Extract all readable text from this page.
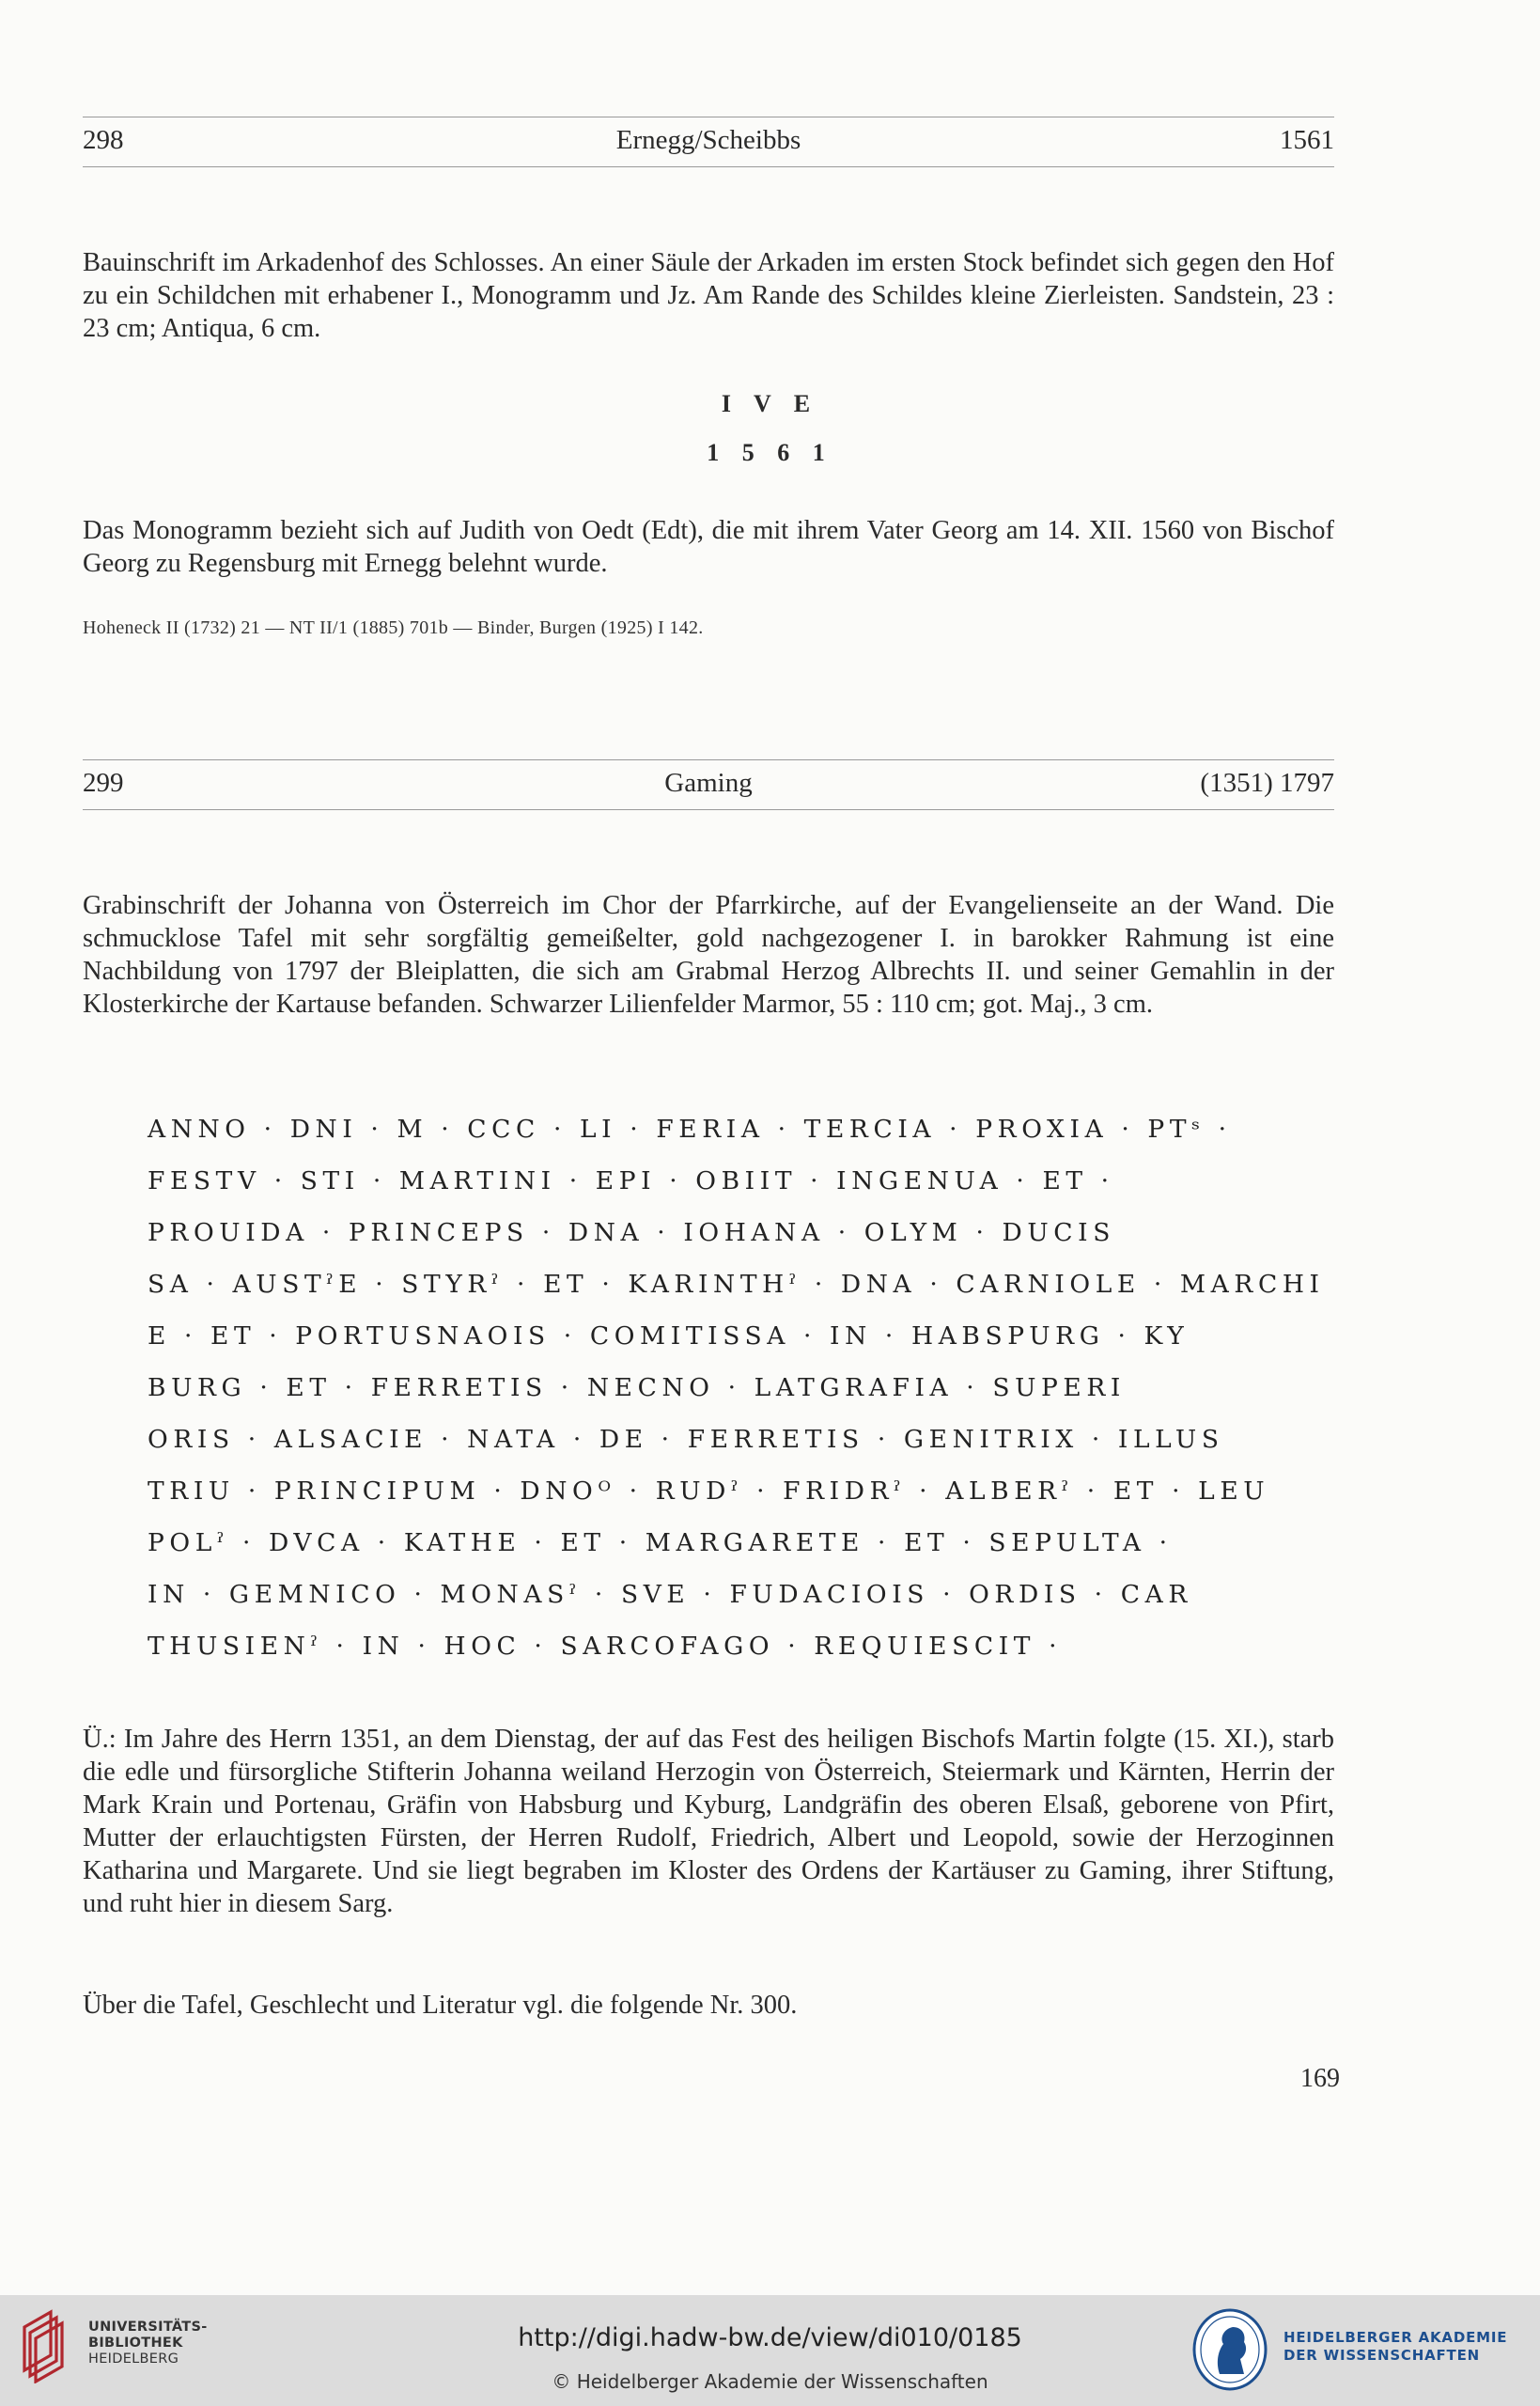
298	Ernegg/Scheibbs	1561

Bauinschrift im Arkadenhof des Schlosses. An einer Säule der Arkaden im ersten Stock befindet sich gegen den Hof zu ein Schildchen mit erhabener I., Monogramm und Jz. Am Rande des Schildes kleine Zierleisten. Sandstein, 23 : 23 cm; Antiqua, 6 cm.

I V E
1 5 6 1

Das Monogramm bezieht sich auf Judith von Oedt (Edt), die mit ihrem Vater Georg am 14. XII. 1560 von Bischof Georg zu Regensburg mit Ernegg belehnt wurde.

Hoheneck II (1732) 21 — NT II/1 (1885) 701b — Binder, Burgen (1925) I 142.
299	Gaming	(1351) 1797

Grabinschrift der Johanna von Österreich im Chor der Pfarrkirche, auf der Evangelienseite an der Wand. Die schmucklose Tafel mit sehr sorgfältig gemeißelter, gold nachgezogener I. in barokker Rahmung ist eine Nachbildung von 1797 der Bleiplatten, die sich am Grabmal Herzog Albrechts II. und seiner Gemahlin in der Klosterkirche der Kartause befanden. Schwarzer Lilienfelder Marmor, 55 : 110 cm; got. Maj., 3 cm.

ANNO · DNI · M · CCC · LI · FERIA · TERCIA · PROXIA · PTˢ ·
FESTV · STI · MARTINI · EPI · OBIIT · INGENUA · ET ·
PROUIDA · PRINCEPS · DNA · IOHANA · OLYM · DUCIS
SA · AUSTˀE · STYRˀ · ET · KARINTHˀ · DNA · CARNIOLE · MARCHI
E · ET · PORTUSNAOIS · COMITISSA · IN · HABSPURG · KY
BURG · ET · FERRETIS · NECNO · LATGRAFIA · SUPERI
ORIS · ALSACIE · NATA · DE · FERRETIS · GENITRIX · ILLUS
TRIU · PRINCIPUM · DNOᴼ · RUDˀ · FRIDRˀ · ALBERˀ · ET · LEU
POLˀ · DVCA · KATHE · ET · MARGARETE · ET · SEPULTA ·
IN · GEMNICO · MONASˀ · SVE · FUDACIOIS · ORDIS · CAR
THUSIENˀ · IN · HOC · SARCOFAGO · REQUIESCIT ·

Ü.: Im Jahre des Herrn 1351, an dem Dienstag, der auf das Fest des heiligen Bischofs Martin folgte (15. XI.), starb die edle und fürsorgliche Stifterin Johanna weiland Herzogin von Österreich, Steiermark und Kärnten, Herrin der Mark Krain und Portenau, Gräfin von Habsburg und Kyburg, Landgräfin des oberen Elsaß, geborene von Pfirt, Mutter der erlauchtigsten Fürsten, der Herren Rudolf, Friedrich, Albert und Leopold, sowie der Herzoginnen Katharina und Margarete. Und sie liegt begraben im Kloster des Ordens der Kartäuser zu Gaming, ihrer Stiftung, und ruht hier in diesem Sarg.

Über die Tafel, Geschlecht und Literatur vgl. die folgende Nr. 300.

169
UNIVERSITÄTS-
BIBLIOTHEK
HEIDELBERG
http://digi.hadw-bw.de/view/di010/0185
© Heidelberger Akademie der Wissenschaften
HEIDELBERGER AKADEMIE
DER WISSENSCHAFTEN
